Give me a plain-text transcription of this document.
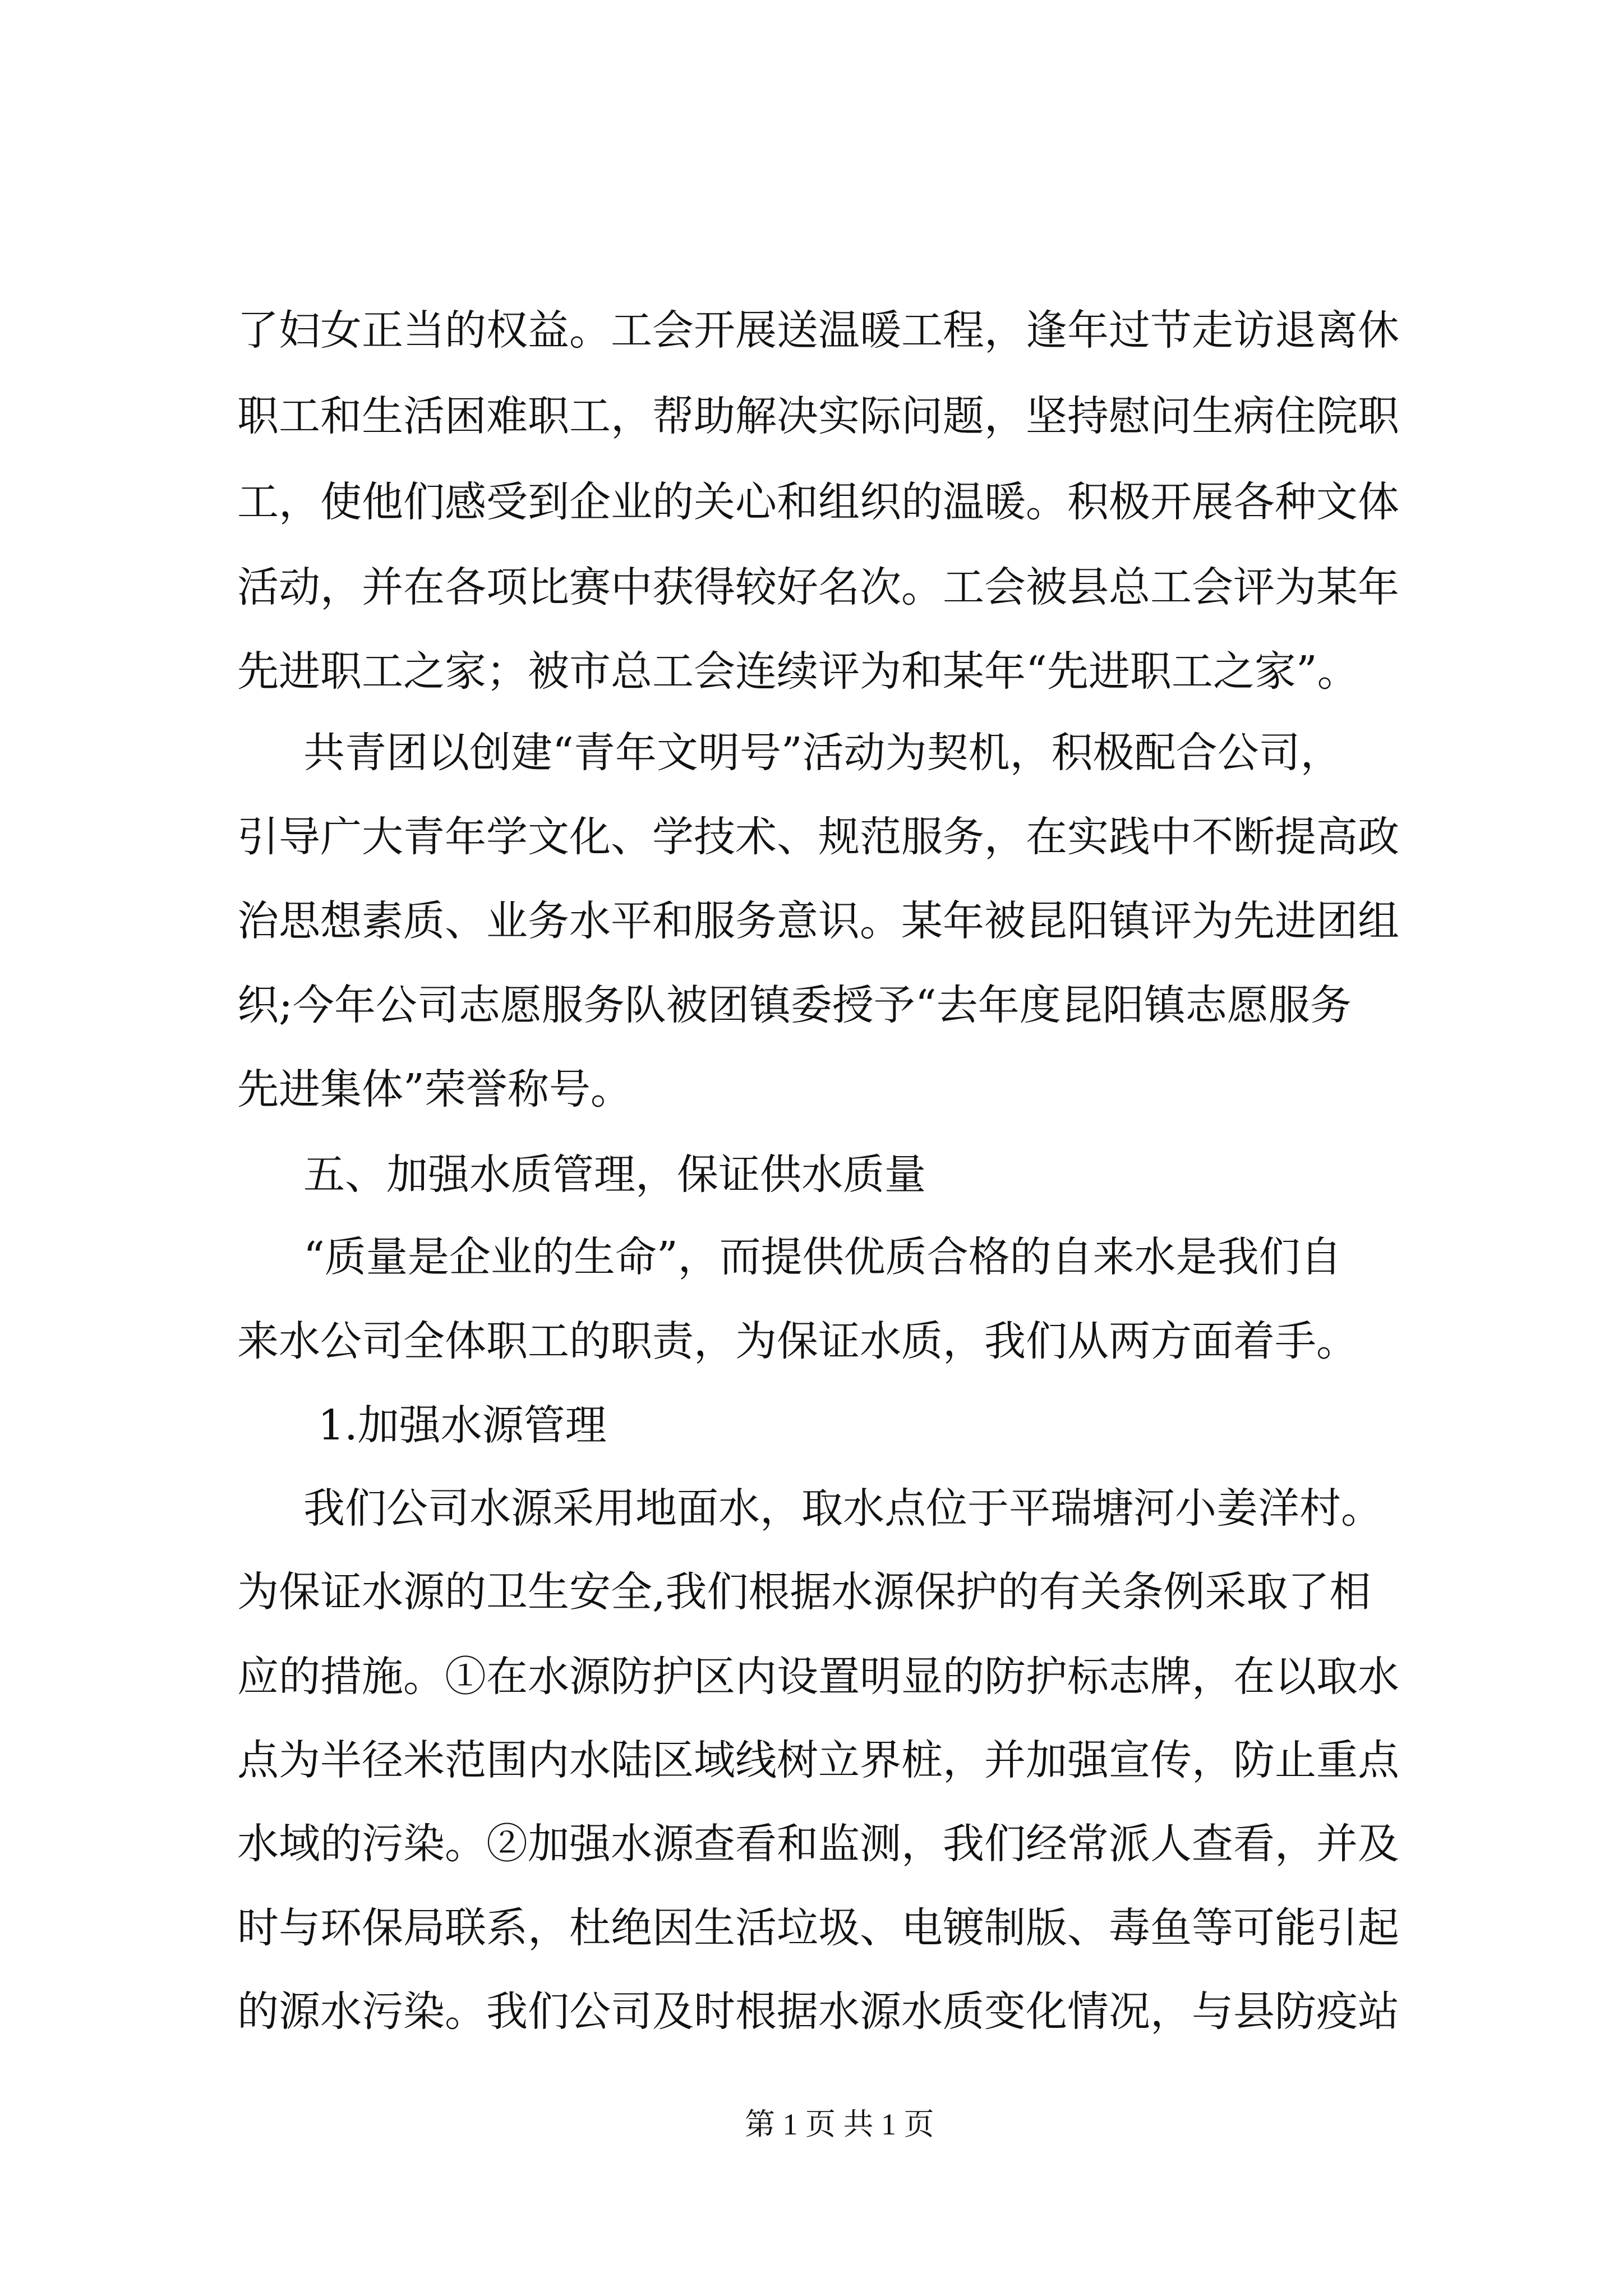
了妇女正当的权益。工会开展送温暖工程，逢年过节走访退离休
职工和生活困难职工，帮助解决实际问题，坚持慰问生病住院职
工，使他们感受到企业的关心和组织的温暖。积极开展各种文体
活动，并在各项比赛中获得较好名次。工会被县总工会评为某年
先进职工之家；被市总工会连续评为和某年“先进职工之家”。
共青团以创建“青年文明号”活动为契机，积极配合公司，
引导广大青年学文化、学技术、规范服务，在实践中不断提高政
治思想素质、业务水平和服务意识。某年被昆阳镇评为先进团组
织;今年公司志愿服务队被团镇委授予“去年度昆阳镇志愿服务
先进集体”荣誉称号。
五、加强水质管理，保证供水质量
“质量是企业的生命”，而提供优质合格的自来水是我们自
来水公司全体职工的职责，为保证水质，我们从两方面着手。
1.加强水源管理
我们公司水源采用地面水，取水点位于平瑞塘河小姜洋村。
为保证水源的卫生安全,我们根据水源保护的有关条例采取了相
应的措施。①在水源防护区内设置明显的防护标志牌，在以取水
点为半径米范围内水陆区域线树立界桩，并加强宣传，防止重点
水域的污染。②加强水源查看和监测，我们经常派人查看，并及
时与环保局联系，杜绝因生活垃圾、电镀制版、毒鱼等可能引起
的源水污染。我们公司及时根据水源水质变化情况，与县防疫站
第 1 页 共 1 页
